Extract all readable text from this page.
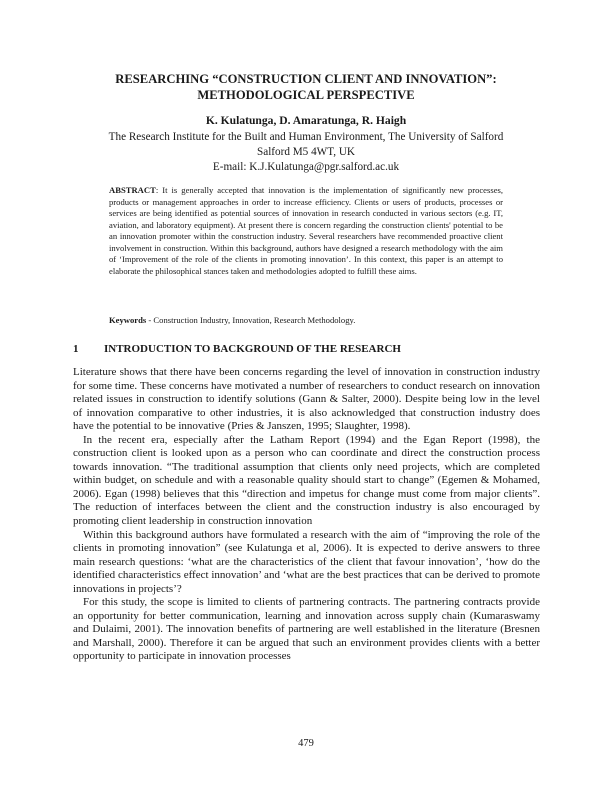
RESEARCHING “CONSTRUCTION CLIENT AND INNOVATION”:
METHODOLOGICAL PERSPECTIVE
K. Kulatunga, D. Amaratunga, R. Haigh
The Research Institute for the Built and Human Environment, The University of Salford
Salford M5 4WT, UK
E-mail: K.J.Kulatunga@pgr.salford.ac.uk
ABSTRACT: It is generally accepted that innovation is the implementation of significantly new processes, products or management approaches in order to increase efficiency. Clients or users of products, processes or services are being identified as potential sources of innovation in research conducted in various sectors (e.g. IT, aviation, and laboratory equipment). At present there is concern regarding the construction clients' potential to be an innovation promoter within the construction industry. Several researchers have recommended proactive client involvement in construction. Within this background, authors have designed a research methodology with the aim of ‘Improvement of the role of the clients in promoting innovation’. In this context, this paper is an attempt to elaborate the philosophical stances taken and methodologies adopted to fulfill these aims.
Keywords - Construction Industry, Innovation, Research Methodology.
1 INTRODUCTION TO BACKGROUND OF THE RESEARCH

Literature shows that there have been concerns regarding the level of innovation in construction industry for some time. These concerns have motivated a number of researchers to conduct research on innovation related issues in construction to identify solutions (Gann & Salter, 2000). Despite being low in the level of innovation comparative to other industries, it is also acknowledged that construction industry does have the potential to be innovative (Pries & Janszen, 1995; Slaughter, 1998).

In the recent era, especially after the Latham Report (1994) and the Egan Report (1998), the construction client is looked upon as a person who can coordinate and direct the construction process towards innovation. “The traditional assumption that clients only need projects, which are completed within budget, on schedule and with a reasonable quality should start to change” (Egemen & Mohamed, 2006). Egan (1998) believes that this “direction and impetus for change must come from major clients”. The reduction of interfaces between the client and the construction industry is also encouraged by promoting client leadership in construction innovation

Within this background authors have formulated a research with the aim of “improving the role of the clients in promoting innovation” (see Kulatunga et al, 2006). It is expected to derive answers to three main research questions: ‘what are the characteristics of the client that favour innovation’, ‘how do the identified characteristics effect innovation’ and ‘what are the best practices that can be derived to promote innovations in projects’?

For this study, the scope is limited to clients of partnering contracts. The partnering contracts provide an opportunity for better communication, learning and innovation across supply chain (Kumaraswamy and Dulaimi, 2001). The innovation benefits of partnering are well established in the literature (Bresnen and Marshall, 2000). Therefore it can be argued that such an environment provides clients with a better opportunity to participate in innovation processes

479
